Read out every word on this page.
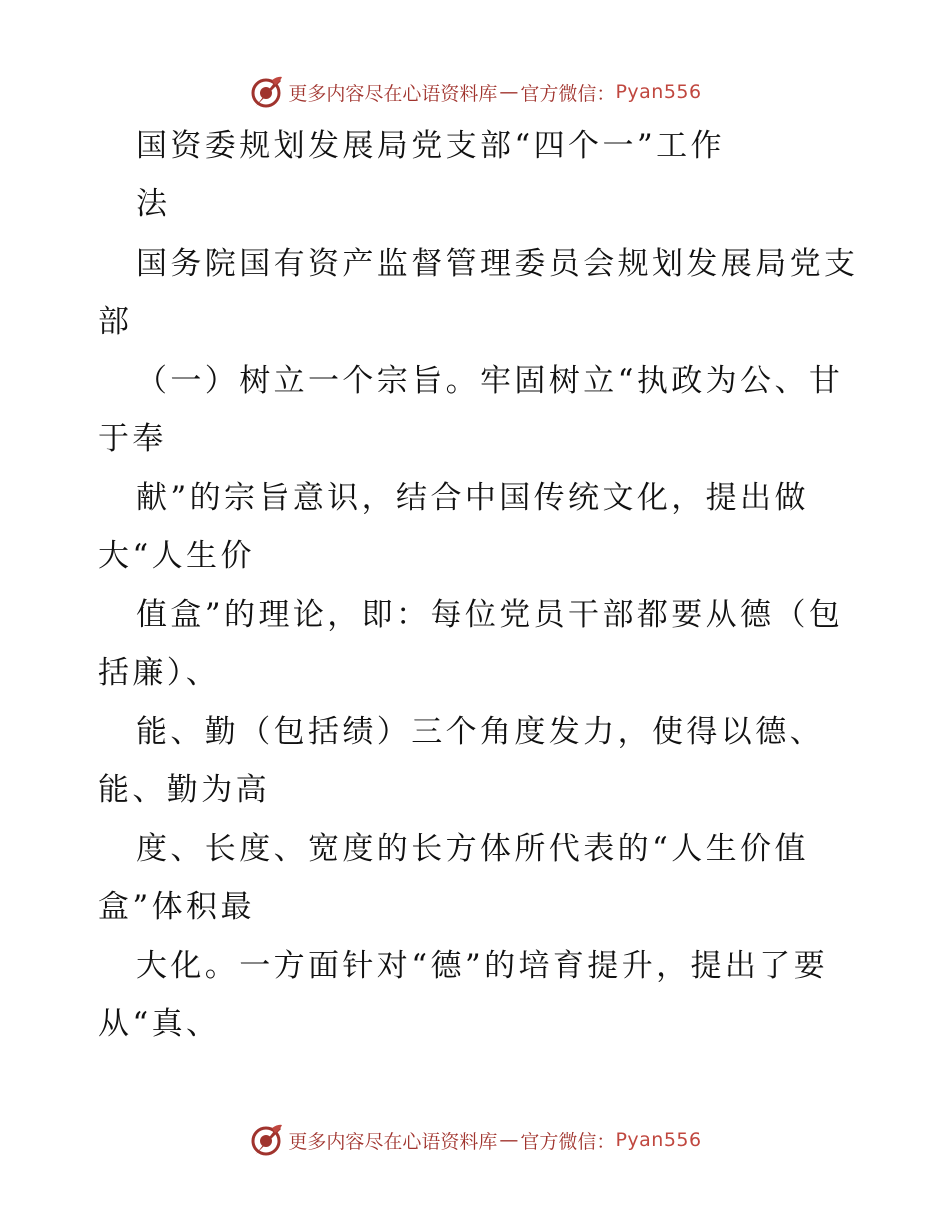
更多内容尽在心语资料库 — 官方微信： Pyan556
国资委规划发展局党支部“四个一”工作
法
国务院国有资产监督管理委员会规划发展局党支
部
（一）树立一个宗旨。牢固树立“执政为公、甘
于奉
献”的宗旨意识，结合中国传统文化，提出做
大“人生价
值盒”的理论，即：每位党员干部都要从德（包
括廉）、
能、勤（包括绩）三个角度发力，使得以德、
能、勤为高
度、长度、宽度的长方体所代表的“人生价值
盒”体积最
大化。一方面针对“德”的培育提升，提出了要
从“真、
更多内容尽在心语资料库 — 官方微信： Pyan556
